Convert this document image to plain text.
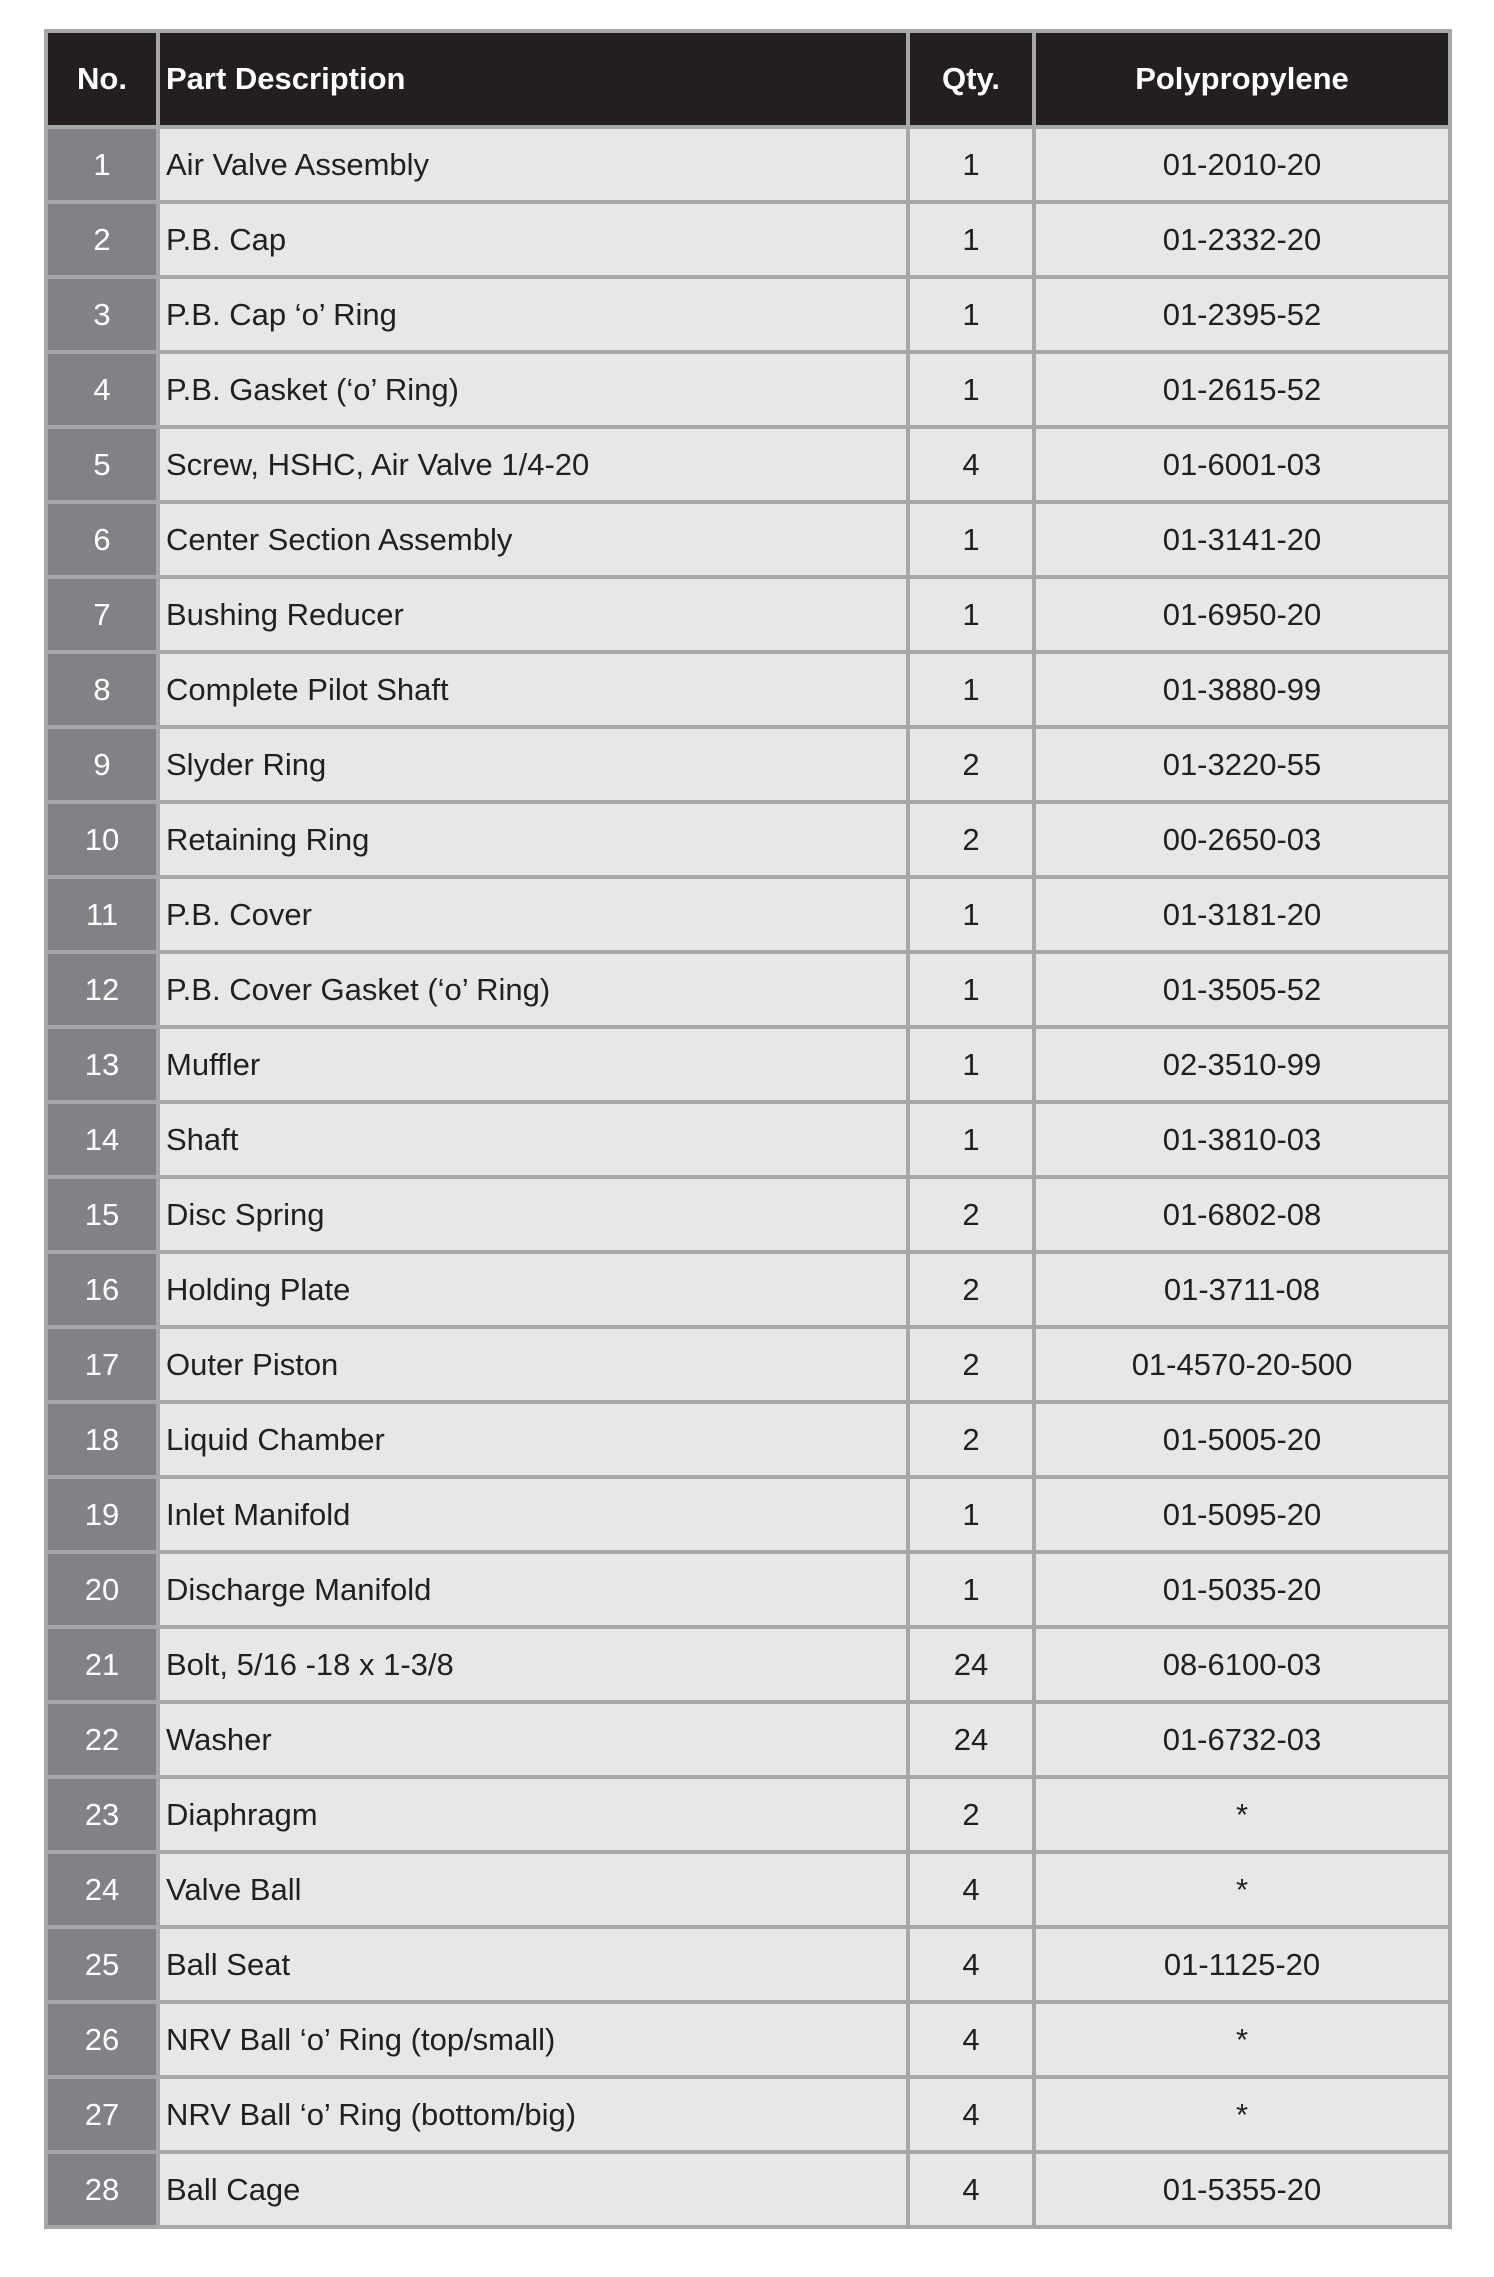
No.	Part Description	Qty.	Polypropylene
1	Air Valve Assembly	1	01-2010-20
2	P.B. Cap	1	01-2332-20
3	P.B. Cap ‘o’ Ring	1	01-2395-52
4	P.B. Gasket (‘o’ Ring)	1	01-2615-52
5	Screw, HSHC, Air Valve 1/4-20	4	01-6001-03
6	Center Section Assembly	1	01-3141-20
7	Bushing Reducer	1	01-6950-20
8	Complete Pilot Shaft	1	01-3880-99
9	Slyder Ring	2	01-3220-55
10	Retaining Ring	2	00-2650-03
11	P.B. Cover	1	01-3181-20
12	P.B. Cover Gasket (‘o’ Ring)	1	01-3505-52
13	Muffler	1	02-3510-99
14	Shaft	1	01-3810-03
15	Disc Spring	2	01-6802-08
16	Holding Plate	2	01-3711-08
17	Outer Piston	2	01-4570-20-500
18	Liquid Chamber	2	01-5005-20
19	Inlet Manifold	1	01-5095-20
20	Discharge Manifold	1	01-5035-20
21	Bolt, 5/16 -18 x 1-3/8	24	08-6100-03
22	Washer	24	01-6732-03
23	Diaphragm	2	*
24	Valve Ball	4	*
25	Ball Seat	4	01-1125-20
26	NRV Ball ‘o’ Ring (top/small)	4	*
27	NRV Ball ‘o’ Ring (bottom/big)	4	*
28	Ball Cage	4	01-5355-20
